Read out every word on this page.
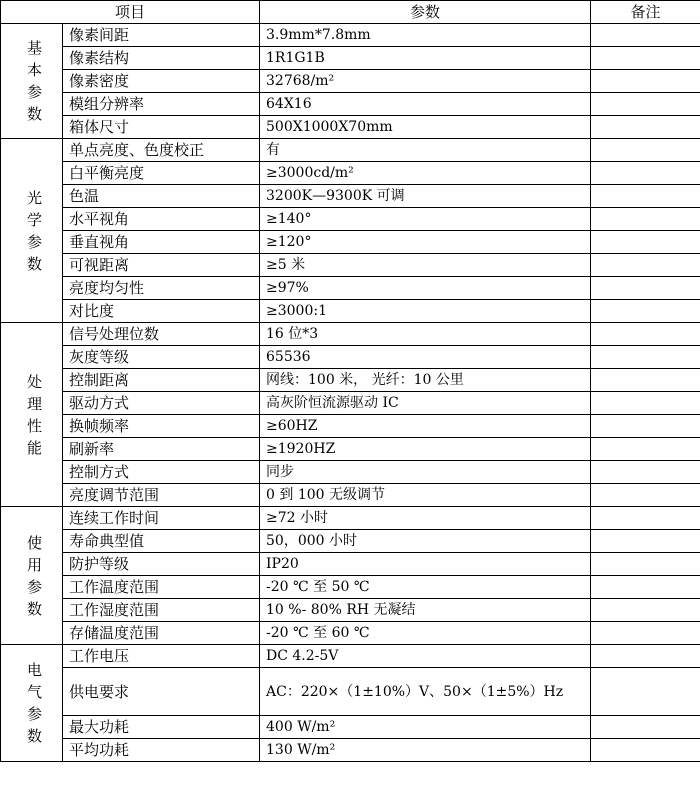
项目		参数	备注

基
本
参
数	像素间距	3.9mm*7.8mm	
	像素结构	1R1G1B	
	像素密度	32768/m²	
	模组分辨率	64X16	
	箱体尺寸	500X1000X70mm	

光
学
参
数	单点亮度、色度校正	有	
	白平衡亮度	≥3000cd/m²	
	色温	3200K—9300K 可调	
	水平视角	≥140°	
	垂直视角	≥120°	
	可视距离	≥5 米	
	亮度均匀性	≥97%	
	对比度	≥3000:1	

处
理
性
能	信号处理位数	16 位*3	
	灰度等级	65536	
	控制距离	网线：100 米， 光纤：10 公里	
	驱动方式	高灰阶恒流源驱动 IC	
	换帧频率	≥60HZ	
	刷新率	≥1920HZ	
	控制方式	同步	
	亮度调节范围	0 到 100 无级调节	

使
用
参
数	连续工作时间	≥72 小时	
	寿命典型值	50，000 小时	
	防护等级	IP20	
	工作温度范围	-20 ℃ 至 50 ℃	
	工作湿度范围	10 %- 80% RH 无凝结	
	存储温度范围	-20 ℃ 至 60 ℃	

电
气
参
数	工作电压	DC 4.2-5V	
	供电要求	AC：220×（1±10%）V、50×（1±5%）Hz	
	最大功耗	400 W/m²	
	平均功耗	130 W/m²	
